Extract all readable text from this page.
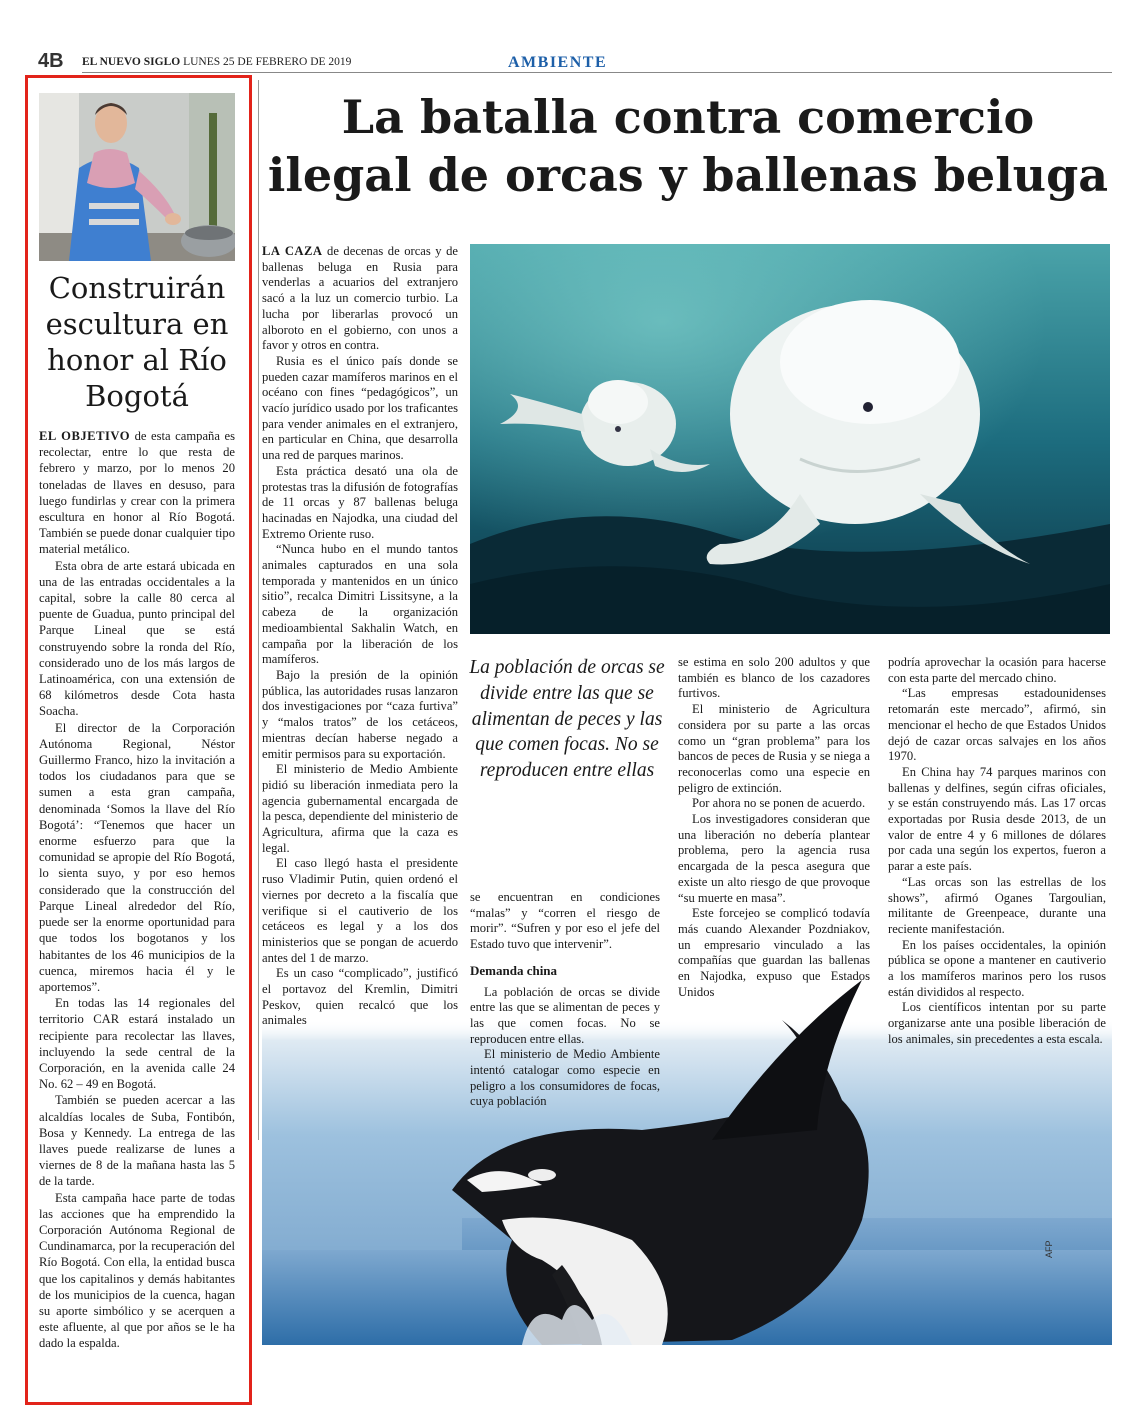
4B EL NUEVO SIGLO LUNES 25 DE FEBRERO DE 2019	AMBIENTE
Construirán escultura en honor al Río Bogotá

EL OBJETIVO de esta campaña es recolectar, entre lo que resta de febrero y marzo, por lo menos 20 toneladas de llaves en desuso, para luego fundirlas y crear con la primera escultura en honor al Río Bogotá. También se puede donar cualquier tipo material metálico.

Esta obra de arte estará ubicada en una de las entradas occidentales a la capital, sobre la calle 80 cerca al puente de Guadua, punto principal del Parque Lineal que se está construyendo sobre la ronda del Río, considerado uno de los más largos de Latinoamérica, con una extensión de 68 kilómetros desde Cota hasta Soacha.

El director de la Corporación Autónoma Regional, Néstor Guillermo Franco, hizo la invitación a todos los ciudadanos para que se sumen a esta gran campaña, denominada ‘Somos la llave del Río Bogotá’: “Tenemos que hacer un enorme esfuerzo para que la comunidad se apropie del Río Bogotá, lo sienta suyo, y por eso hemos considerado que la construcción del Parque Lineal alrededor del Río, puede ser la enorme oportunidad para que todos los bogotanos y los habitantes de los 46 municipios de la cuenca, miremos hacia él y le aportemos”.

En todas las 14 regionales del territorio CAR estará instalado un recipiente para recolectar las llaves, incluyendo la sede central de la Corporación, en la avenida calle 24 No. 62 – 49 en Bogotá.

También se pueden acercar a las alcaldías locales de Suba, Fontibón, Bosa y Kennedy. La entrega de las llaves puede realizarse de lunes a viernes de 8 de la mañana hasta las 5 de la tarde.

Esta campaña hace parte de todas las acciones que ha emprendido la Corporación Autónoma Regional de Cundinamarca, por la recuperación del Río Bogotá. Con ella, la entidad busca que los capitalinos y demás habitantes de los municipios de la cuenca, hagan su aporte simbólico y se acerquen a este afluente, al que por años se le ha dado la espalda.

La batalla contra comercio ilegal de orcas y ballenas beluga
AFP

LA CAZA de decenas de orcas y de ballenas beluga en Rusia para venderlas a acuarios del extranjero sacó a la luz un comercio turbio. La lucha por liberarlas provocó un alboroto en el gobierno, con unos a favor y otros en contra.

Rusia es el único país donde se pueden cazar mamíferos marinos en el océano con fines “pedagógicos”, un vacío jurídico usado por los traficantes para vender animales en el extranjero, en particular en China, que desarrolla una red de parques marinos.

Esta práctica desató una ola de protestas tras la difusión de fotografías de 11 orcas y 87 ballenas beluga hacinadas en Najodka, una ciudad del Extremo Oriente ruso.

“Nunca hubo en el mundo tantos animales capturados en una sola temporada y mantenidos en un único sitio”, recalca Dimitri Lissitsyne, a la cabeza de la organización medioambiental Sakhalin Watch, en campaña por la liberación de los mamíferos.

Bajo la presión de la opinión pública, las autoridades rusas lanzaron dos investigaciones por “caza furtiva” y “malos tratos” de los cetáceos, mientras decían haberse negado a emitir permisos para su exportación.

El ministerio de Medio Ambiente pidió su liberación inmediata pero la agencia gubernamental encargada de la pesca, dependiente del ministerio de Agricultura, afirma que la caza es legal.

El caso llegó hasta el presidente ruso Vladimir Putin, quien ordenó el viernes por decreto a la fiscalía que verifique si el cautiverio de los cetáceos es legal y a los dos ministerios que se pongan de acuerdo antes del 1 de marzo.

Es un caso “complicado”, justificó el portavoz del Kremlin, Dimitri Peskov, quien recalcó que los animales

La población de orcas se divide entre las que se alimentan de peces y las que comen focas. No se reproducen entre ellas

se encuentran en condiciones “malas” y “corren el riesgo de morir”. “Sufren y por eso el jefe del Estado tuvo que intervenir”.

Demanda china

La población de orcas se divide entre las que se alimentan de peces y las que comen focas. No se reproducen entre ellas.

El ministerio de Medio Ambiente intentó catalogar como especie en peligro a los consumidores de focas, cuya población

se estima en solo 200 adultos y que también es blanco de los cazadores furtivos.

El ministerio de Agricultura considera por su parte a las orcas como un “gran problema” para los bancos de peces de Rusia y se niega a reconocerlas como una especie en peligro de extinción.

Por ahora no se ponen de acuerdo.

Los investigadores consideran que una liberación no debería plantear problema, pero la agencia rusa encargada de la pesca asegura que existe un alto riesgo de que provoque “su muerte en masa”.

Este forcejeo se complicó todavía más cuando Alexander Pozdniakov, un empresario vinculado a las compañías que guardan las ballenas en Najodka, expuso que Estados Unidos

podría aprovechar la ocasión para hacerse con esta parte del mercado chino.

“Las empresas estadounidenses retomarán este mercado”, afirmó, sin mencionar el hecho de que Estados Unidos dejó de cazar orcas salvajes en los años 1970.

En China hay 74 parques marinos con ballenas y delfines, según cifras oficiales, y se están construyendo más. Las 17 orcas exportadas por Rusia desde 2013, de un valor de entre 4 y 6 millones de dólares por cada una según los expertos, fueron a parar a este país.

“Las orcas son las estrellas de los shows”, afirmó Oganes Targoulian, militante de Greenpeace, durante una reciente manifestación.

En los países occidentales, la opinión pública se opone a mantener en cautiverio a los mamíferos marinos pero los rusos están divididos al respecto.

Los científicos intentan por su parte organizarse ante una posible liberación de los animales, sin precedentes a esta escala.
